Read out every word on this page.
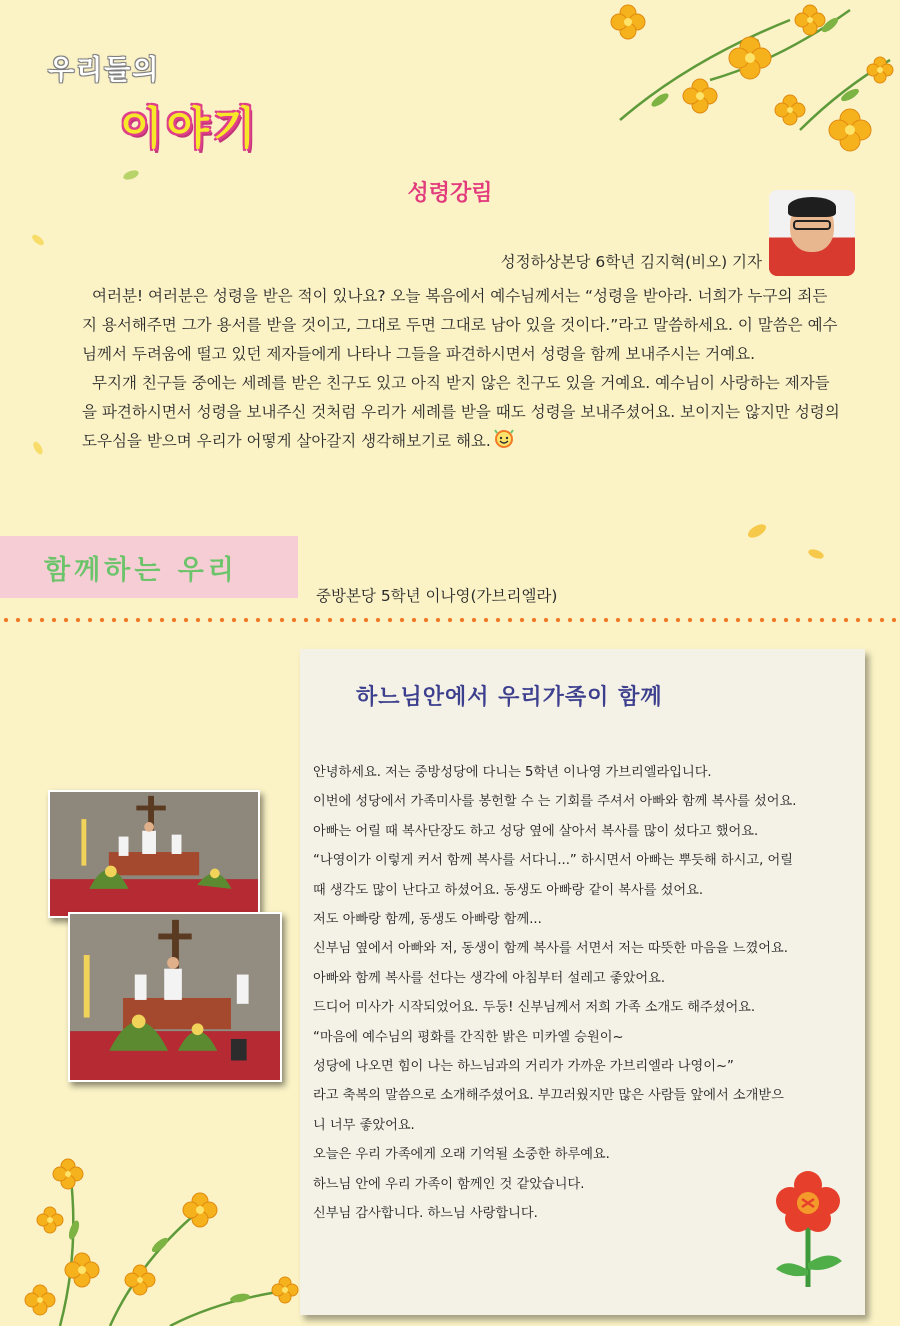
우리들의
이야기
성령강림
성정하상본당 6학년 김지혁(비오) 기자

여러분! 여러분은 성령을 받은 적이 있나요? 오늘 복음에서 예수님께서는 “성령을 받아라. 너희가 누구의 죄든지 용서해주면 그가 용서를 받을 것이고, 그대로 두면 그대로 남아 있을 것이다.”라고 말씀하세요. 이 말씀은 예수님께서 두려움에 떨고 있던 제자들에게 나타나 그들을 파견하시면서 성령을 함께 보내주시는 거예요.

무지개 친구들 중에는 세례를 받은 친구도 있고 아직 받지 않은 친구도 있을 거예요. 예수님이 사랑하는 제자들을 파견하시면서 성령을 보내주신 것처럼 우리가 세례를 받을 때도 성령을 보내주셨어요. 보이지는 않지만 성령의 도우심을 받으며 우리가 어떻게 살아갈지 생각해보기로 해요.

함께하는 우리
중방본당 5학년 이나영(가브리엘라)
하느님안에서 우리가족이 함께
안녕하세요. 저는 중방성당에 다니는 5학년 이나영 가브리엘라입니다.
이번에 성당에서 가족미사를 봉헌할 수 는 기회를 주셔서 아빠와 함께 복사를 섰어요.
아빠는 어릴 때 복사단장도 하고 성당 옆에 살아서 복사를 많이 섰다고 했어요.
“나영이가 이렇게 커서 함께 복사를 서다니...” 하시면서 아빠는 뿌듯해 하시고, 어릴
때 생각도 많이 난다고 하셨어요. 동생도 아빠랑 같이 복사를 섰어요.
저도 아빠랑 함께, 동생도 아빠랑 함께...
신부님 옆에서 아빠와 저, 동생이 함께 복사를 서면서 저는 따뜻한 마음을 느꼈어요.
아빠와 함께 복사를 선다는 생각에 아침부터 설레고 좋았어요.
드디어 미사가 시작되었어요. 두둥! 신부님께서 저희 가족 소개도 해주셨어요.
“마음에 예수님의 평화를 간직한 밝은 미카엘 승원이~
성당에 나오면 힘이 나는 하느님과의 거리가 가까운 가브리엘라 나영이~”
라고 축복의 말씀으로 소개해주셨어요. 부끄러웠지만 많은 사람들 앞에서 소개받으
니 너무 좋았어요.
오늘은 우리 가족에게 오래 기억될 소중한 하루예요.
하느님 안에 우리 가족이 함께인 것 같았습니다.
신부님 감사합니다. 하느님 사랑합니다.
